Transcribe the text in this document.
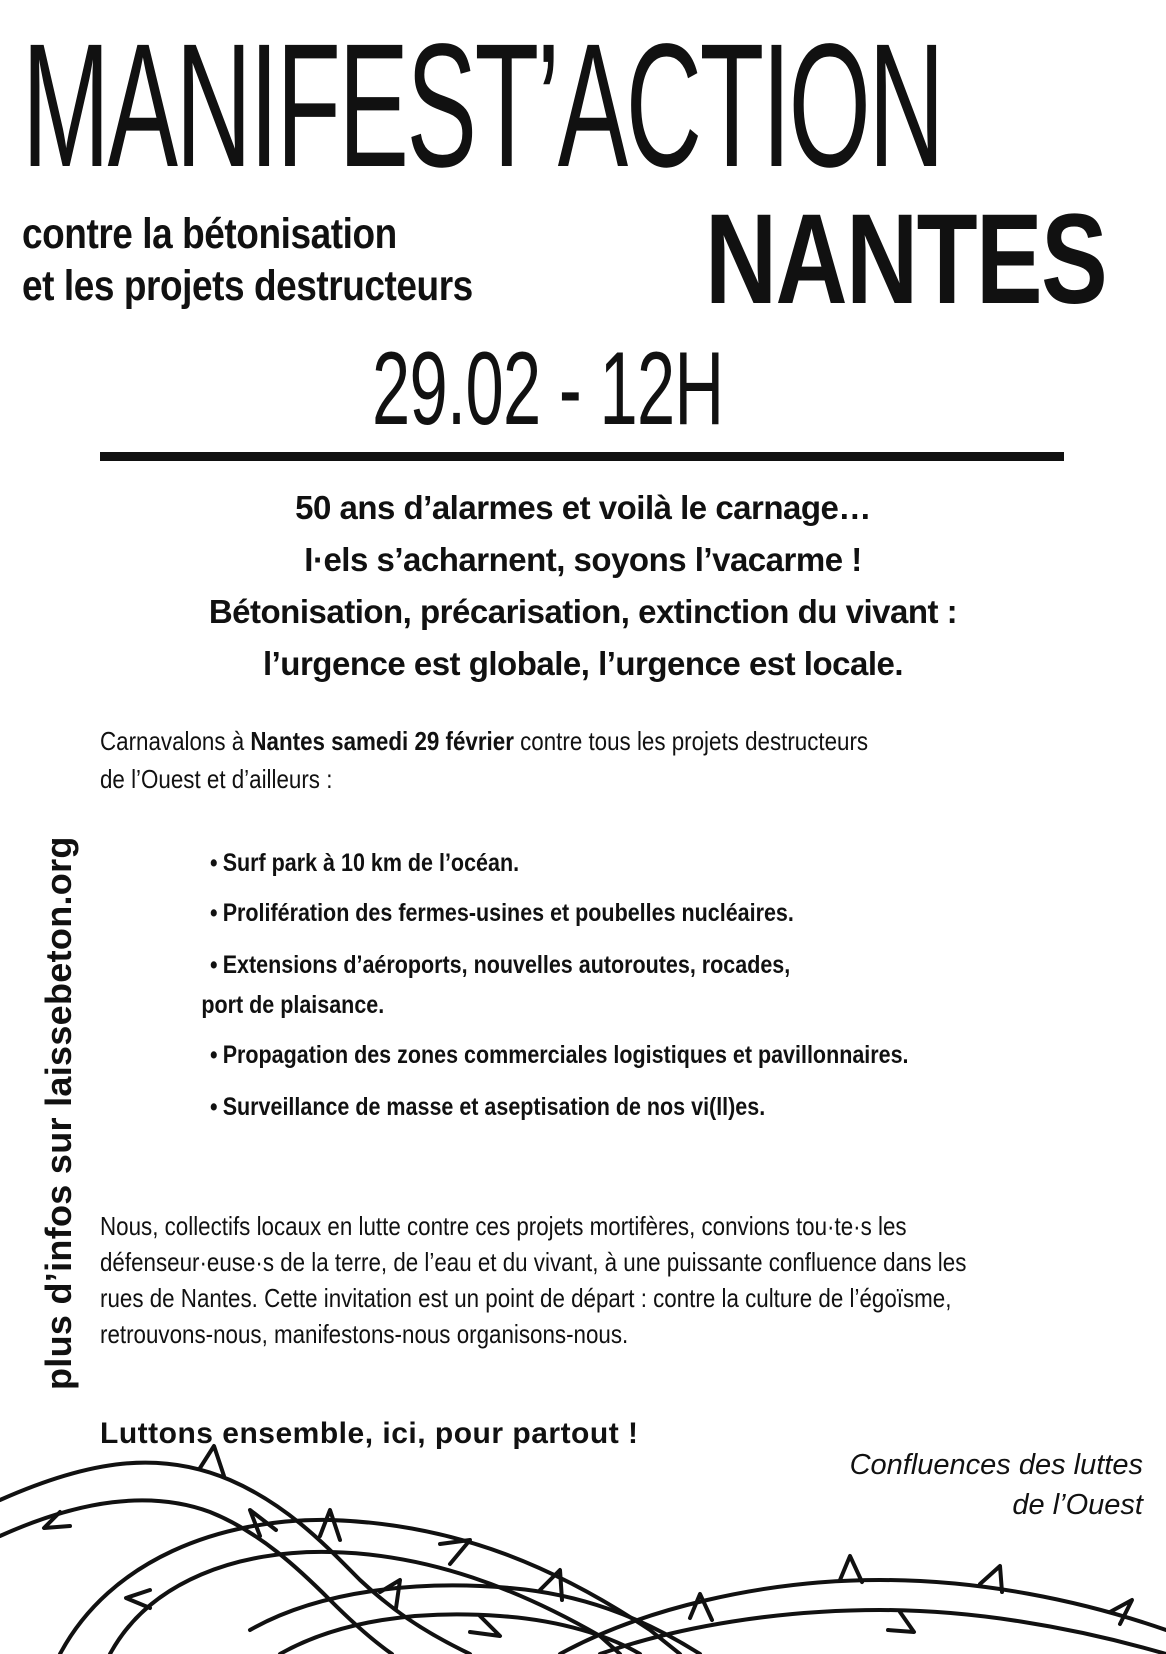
MANIFEST’ACTION
contre la bétonisation
et les projets destructeurs NANTES
29.02 - 12H
50 ans d’alarmes et voilà le carnage…
I·els s’acharnent, soyons l’vacarme !
Bétonisation, précarisation, extinction du vivant :
l’urgence est globale, l’urgence est locale.
Carnavalons à Nantes samedi 29 février contre tous les projets destructeurs
de l’Ouest et d’ailleurs :
• Surf park à 10 km de l’océan.
• Prolifération des fermes-usines et poubelles nucléaires.
• Extensions d’aéroports, nouvelles autoroutes, rocades,
port de plaisance.
• Propagation des zones commerciales logistiques et pavillonnaires.
• Surveillance de masse et aseptisation de nos vi(ll)es.
Nous, collectifs locaux en lutte contre ces projets mortifères, convions tou·te·s les
défenseur·euse·s de la terre, de l’eau et du vivant, à une puissante confluence dans les
rues de Nantes. Cette invitation est un point de départ : contre la culture de l’égoïsme,
retrouvons-nous, manifestons-nous organisons-nous.
Luttons ensemble, ici, pour partout !
Confluences des luttes
de l’Ouest
plus d’infos sur laissebeton.org
